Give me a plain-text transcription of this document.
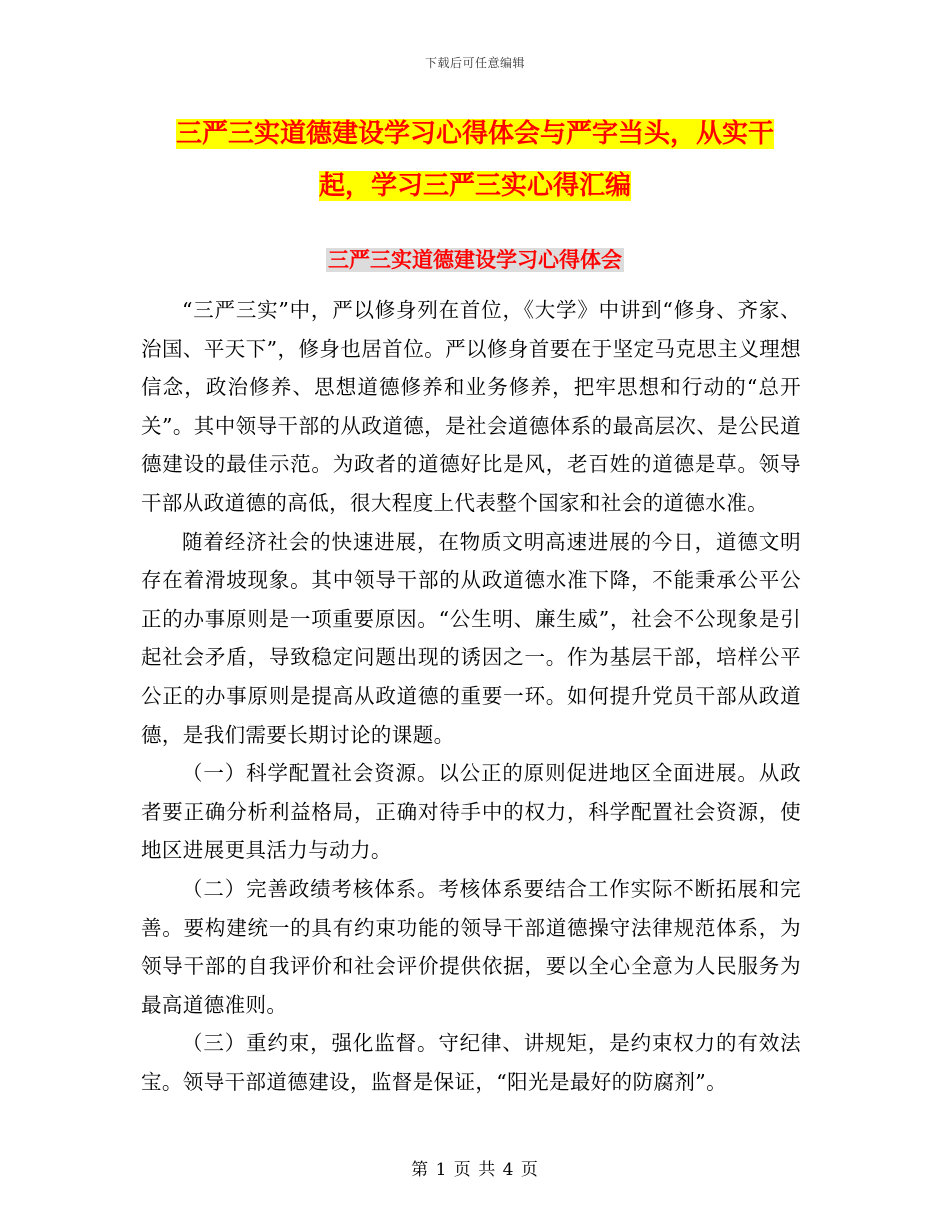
下载后可任意编辑
三严三实道德建设学习心得体会与严字当头，从实干
起，学习三严三实心得汇编
三严三实道德建设学习心得体会

“三严三实”中，严以修身列在首位，《大学》中讲到“修身、齐家、治国、平天下”，修身也居首位。严以修身首要在于坚定马克思主义理想信念，政治修养、思想道德修养和业务修养，把牢思想和行动的“总开关”。其中领导干部的从政道德，是社会道德体系的最高层次、是公民道德建设的最佳示范。为政者的道德好比是风，老百姓的道德是草。领导干部从政道德的高低，很大程度上代表整个国家和社会的道德水准。

随着经济社会的快速进展，在物质文明高速进展的今日，道德文明存在着滑坡现象。其中领导干部的从政道德水准下降，不能秉承公平公正的办事原则是一项重要原因。“公生明、廉生威”，社会不公现象是引起社会矛盾，导致稳定问题出现的诱因之一。作为基层干部，培样公平公正的办事原则是提高从政道德的重要一环。如何提升党员干部从政道德，是我们需要长期讨论的课题。

（一）科学配置社会资源。以公正的原则促进地区全面进展。从政者要正确分析利益格局，正确对待手中的权力，科学配置社会资源，使地区进展更具活力与动力。

（二）完善政绩考核体系。考核体系要结合工作实际不断拓展和完善。要构建统一的具有约束功能的领导干部道德操守法律规范体系，为领导干部的自我评价和社会评价提供依据，要以全心全意为人民服务为最高道德准则。

（三）重约束，强化监督。守纪律、讲规矩，是约束权力的有效法宝。领导干部道德建设，监督是保证，“阳光是最好的防腐剂”。

第 1 页 共 4 页
